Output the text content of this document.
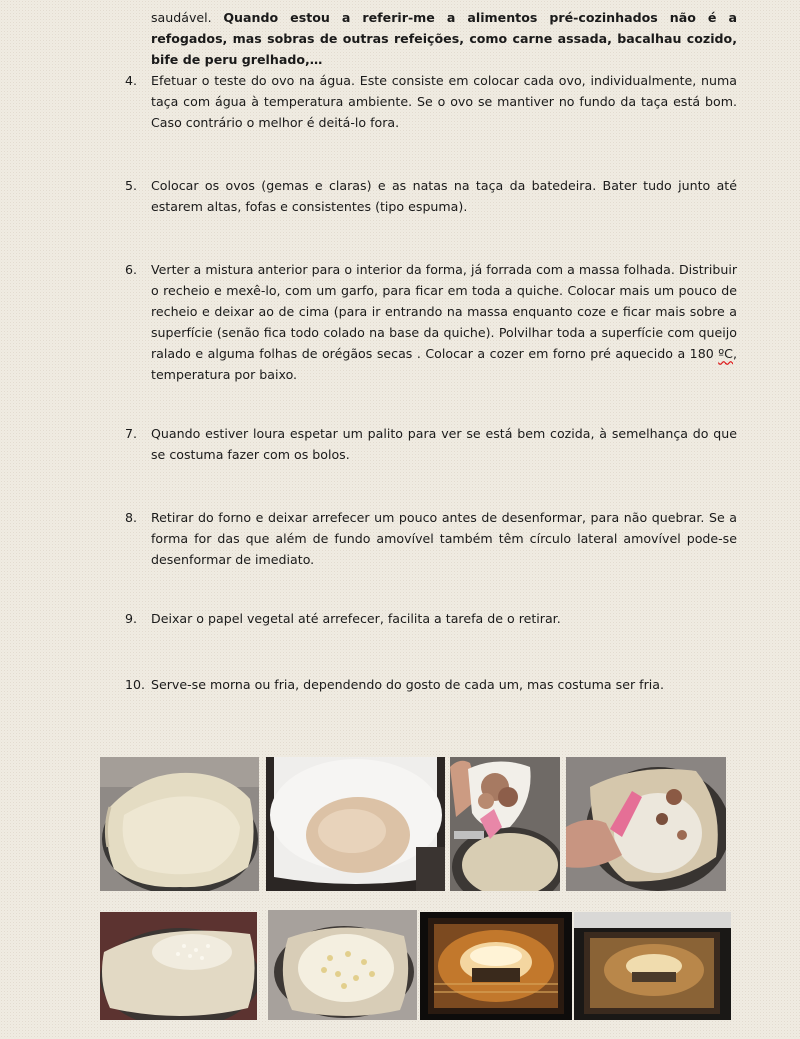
saudável. Quando estou a referir-me a alimentos pré-cozinhados não é a refogados, mas sobras de outras refeições, como carne assada, bacalhau cozido, bife de peru grelhado,…

4.	Efetuar o teste do ovo na água. Este consiste em colocar cada ovo, individualmente, numa taça com água à temperatura ambiente. Se o ovo se mantiver no fundo da taça está bom. Caso contrário o melhor é deitá-lo fora.
5.	Colocar os ovos (gemas e claras) e as natas na taça da batedeira. Bater tudo junto até estarem altas, fofas e consistentes (tipo espuma).
6.	Verter a mistura anterior para o interior da forma, já forrada com a massa folhada. Distribuir o recheio e mexê-lo, com um garfo, para ficar em toda a quiche. Colocar mais um pouco de recheio e deixar ao de cima (para ir entrando na massa enquanto coze e ficar mais sobre a superfície (senão fica todo colado na base da quiche). Polvilhar toda a superfície com queijo ralado e alguma folhas de orégãos secas . Colocar a cozer em forno pré aquecido a 180 ºC, temperatura por baixo.
7.	Quando estiver loura espetar um palito para ver se está bem cozida, à semelhança do que se costuma fazer com os bolos.
8.	Retirar do forno e deixar arrefecer um pouco antes de desenformar, para não quebrar. Se a forma for das que além de fundo amovível também têm círculo lateral amovível pode-se desenformar de imediato.
9.	Deixar o papel vegetal até arrefecer, facilita a tarefa de o retirar.
10. Serve-se morna ou fria, dependendo do gosto de cada um, mas costuma ser fria.
